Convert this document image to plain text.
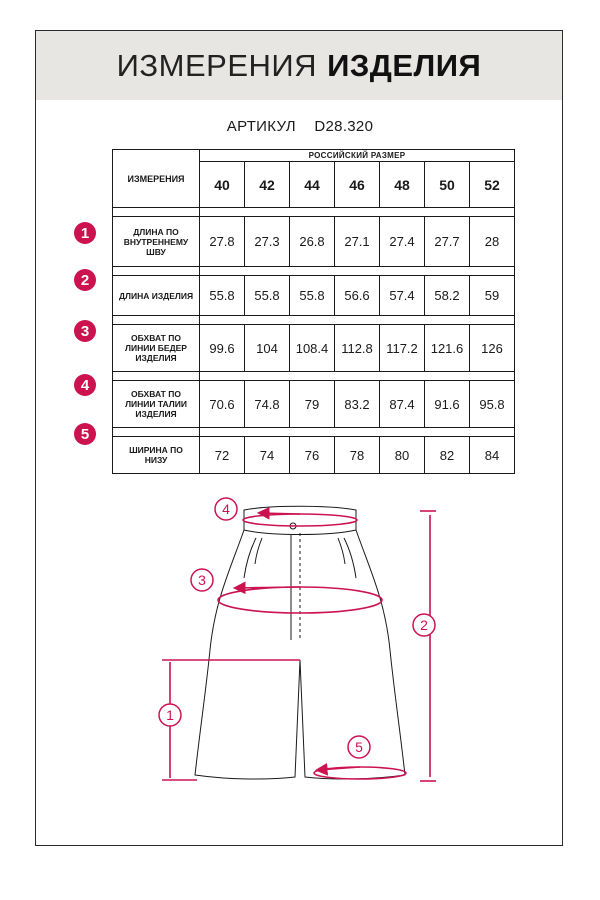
ИЗМЕРЕНИЯ ИЗДЕЛИЯ
АРТИКУЛ D28.320
ИЗМЕРЕНИЯ	РОССИЙСКИЙ РАЗМЕР						
	40	42	44	46	48	50	52

ДЛИНА ПО
ВНУТРЕННЕМУ
ШВУ	27.8	27.3	26.8	27.1	27.4	27.7	28

ДЛИНА ИЗДЕЛИЯ	55.8	55.8	55.8	56.6	57.4	58.2	59

ОБХВАТ ПО
ЛИНИИ БЕДЕР
ИЗДЕЛИЯ	99.6	104	108.4	112.8	117.2	121.6	126

ОБХВАТ ПО
ЛИНИИ ТАЛИИ
ИЗДЕЛИЯ	70.6	74.8	79	83.2	87.4	91.6	95.8

ШИРИНА ПО
НИЗУ	72	74	76	78	80	82	84
1
2
3
4
5
4
3
2
1
5
